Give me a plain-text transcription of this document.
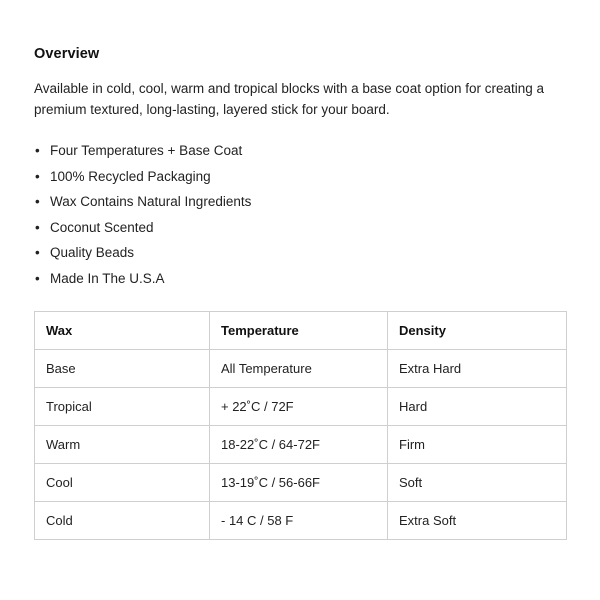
Overview

Available in cold, cool, warm and tropical blocks with a base coat option for creating a premium textured, long-lasting, layered stick for your board.

• Four Temperatures + Base Coat
• 100% Recycled Packaging
• Wax Contains Natural Ingredients
• Coconut Scented
• Quality Beads
• Made In The U.S.A
Wax	Temperature	Density
Base	All Temperature	Extra Hard
Tropical	+ 22˚C / 72F	Hard
Warm	18-22˚C / 64-72F	Firm
Cool	13-19˚C / 56-66F	Soft
Cold	- 14 C / 58 F	Extra Soft
